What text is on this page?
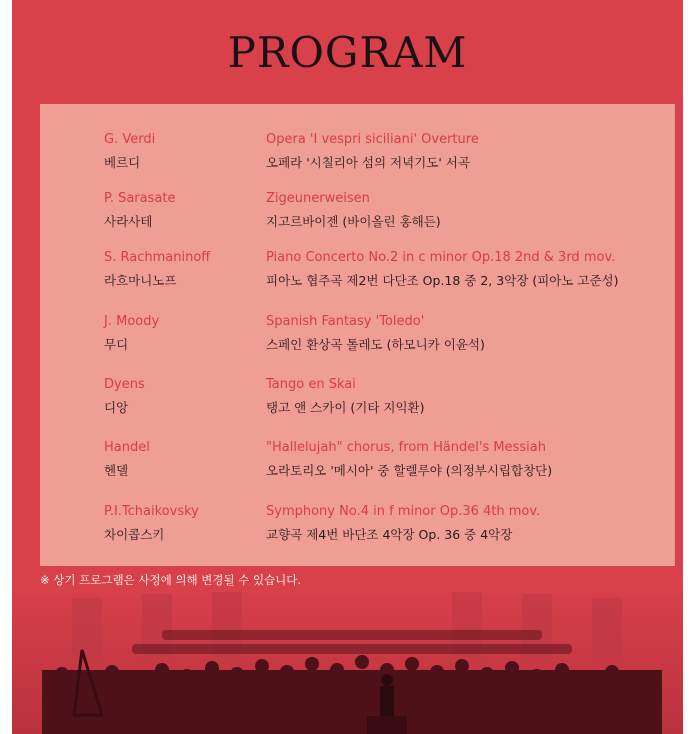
PROGRAM
G. Verdi
베르디
Opera 'I vespri siciliani' Overture
오페라 '시칠리아 섬의 저녁기도' 서곡
P. Sarasate
사라사테
Zigeunerweisen
지고르바이젠 (바이올린 홍해든)
S. Rachmaninoff
라흐마니노프
Piano Concerto No.2 in c minor Op.18 2nd & 3rd mov.
피아노 협주곡 제2번 다단조 Op.18 중 2, 3악장 (피아노 고준성)
J. Moody
무디
Spanish Fantasy 'Toledo'
스페인 환상곡 톨레도 (하모니카 이윤석)
Dyens
디앙
Tango en Skai
탱고 앤 스카이 (기타 지익환)
Handel
헨델
"Hallelujah" chorus, from Händel's Messiah
오라토리오 '메시아' 중 할렐루야 (의정부시립합창단)
P.I.Tchaikovsky
차이콥스키
Symphony No.4 in f minor Op.36 4th mov.
교향곡 제4번 바단조 4악장 Op. 36 중 4악장
※ 상기 프로그램은 사정에 의해 변경될 수 있습니다.
